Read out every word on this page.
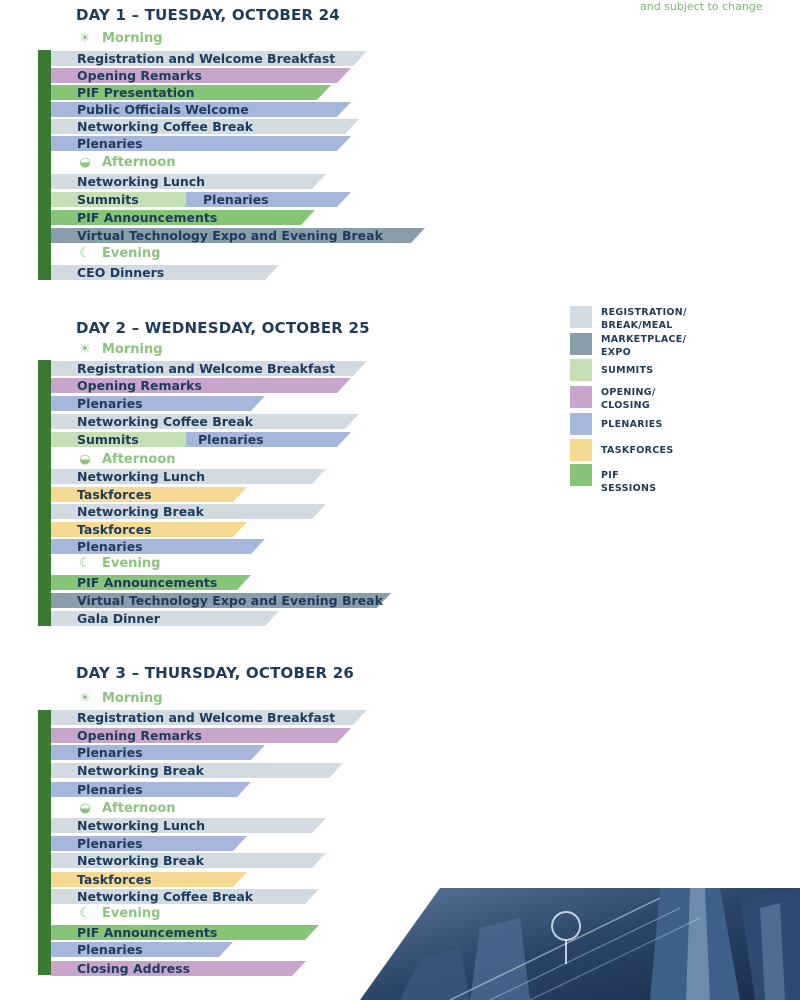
and subject to change
DAY 1 – TUESDAY, OCTOBER 24
☀ Morning
◒ Afternoon
☾ Evening
Registration and Welcome Breakfast
Opening Remarks
PIF Presentation
Public Officials Welcome
Networking Coffee Break
Plenaries
Networking Lunch
Summits	Plenaries
PIF Announcements
Virtual Technology Expo and Evening Break
CEO Dinners
DAY 2 – WEDNESDAY, OCTOBER 25
☀ Morning
◒ Afternoon
☾ Evening
Registration and Welcome Breakfast
Opening Remarks
Plenaries
Networking Coffee Break
Summits	Plenaries
Networking Lunch
Taskforces
Networking Break
Taskforces
Plenaries
PIF Announcements
Virtual Technology Expo and Evening Break
Gala Dinner
DAY 3 – THURSDAY, OCTOBER 26
☀ Morning
◒ Afternoon
☾ Evening
Registration and Welcome Breakfast
Opening Remarks
Plenaries
Networking Break
Plenaries
Networking Lunch
Plenaries
Networking Break
Taskforces
Networking Coffee Break
PIF Announcements
Plenaries
Closing Address
REGISTRATION/
BREAK/MEAL
MARKETPLACE/
EXPO
SUMMITS
OPENING/
CLOSING
PLENARIES
TASKFORCES
PIF SESSIONS
